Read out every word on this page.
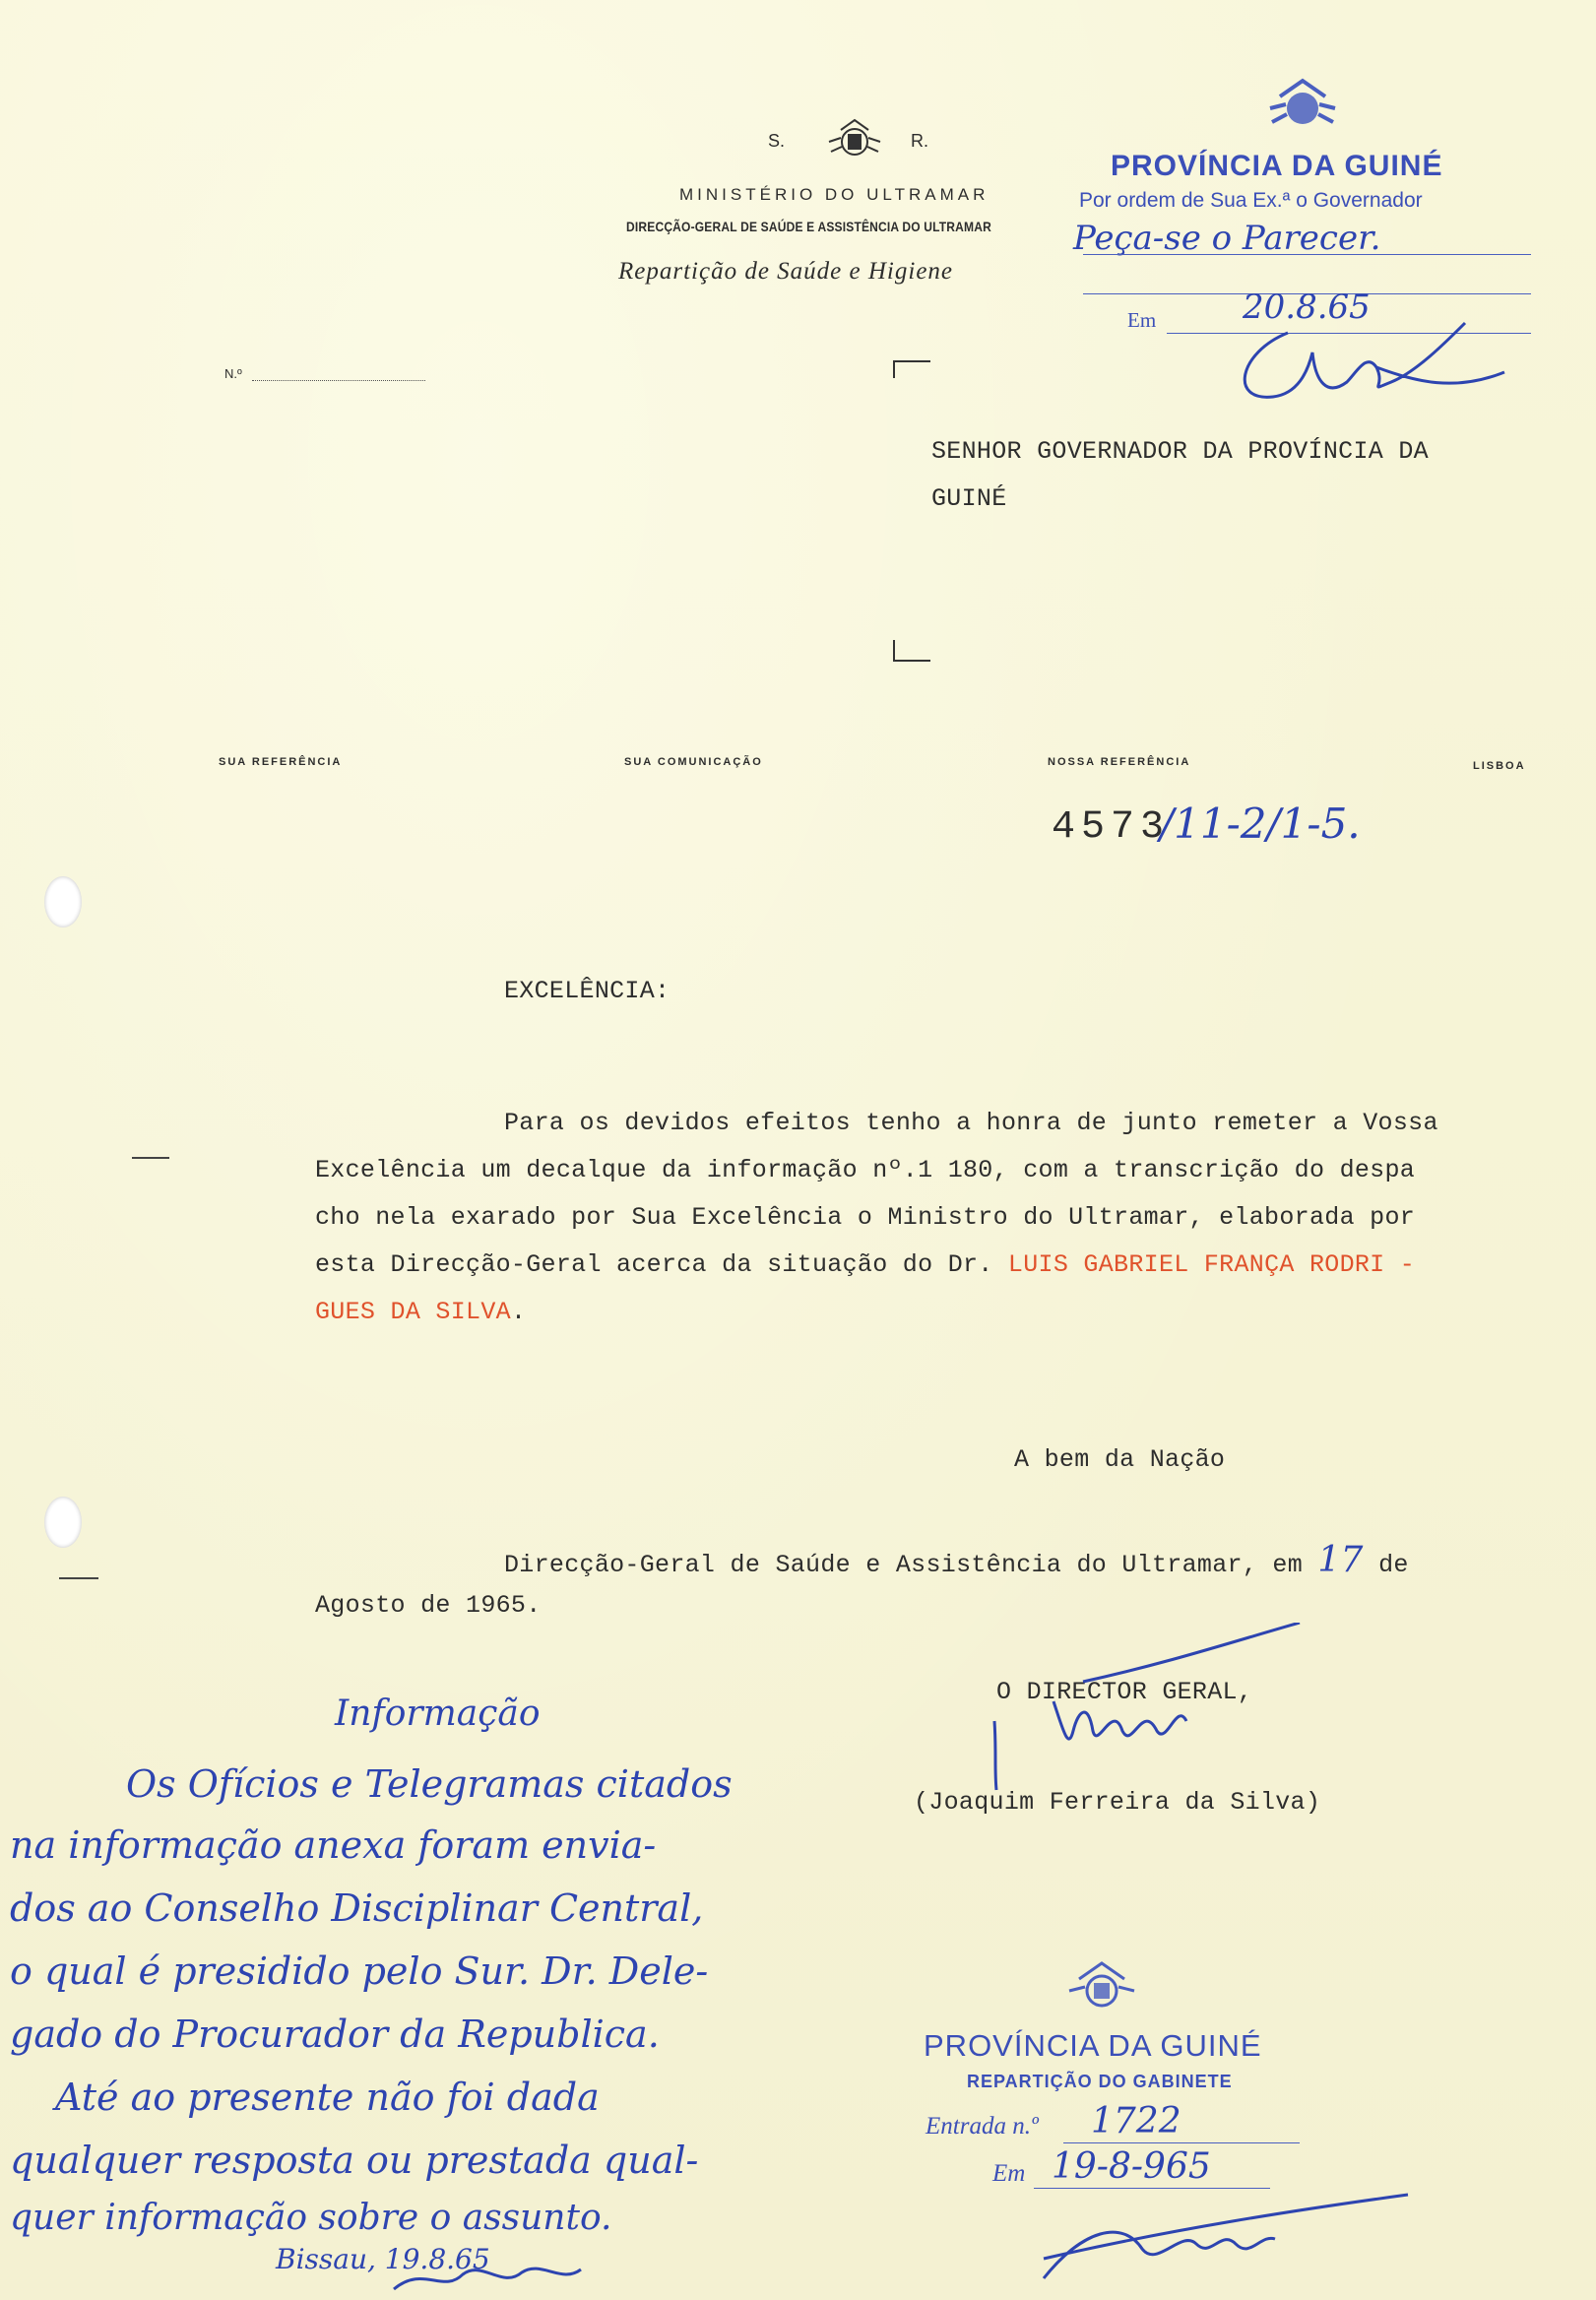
S.	R.
MINISTÉRIO DO ULTRAMAR
DIRECÇÃO-GERAL DE SAÚDE E ASSISTÊNCIA DO ULTRAMAR
Repartição de Saúde e Higiene
N.º
PROVÍNCIA DA GUINÉ
Por ordem de Sua Ex.ª o Governador
Peça-se o Parecer.
Em	20.8.65
SENHOR GOVERNADOR DA PROVÍNCIA DA
GUINÉ
SUA REFERÊNCIA	SUA COMUNICAÇÃO	NOSSA REFERÊNCIA	LISBOA
4573
/11-2/1-5.
EXCELÊNCIA:
Para os devidos efeitos tenho a honra de junto remeter a Vossa
Excelência um decalque da informação nº.1 180, com a transcrição do despa
cho nela exarado por Sua Excelência o Ministro do Ultramar, elaborada por
esta Direcção-Geral acerca da situação do Dr. LUIS GABRIEL FRANÇA RODRI -
GUES DA SILVA.
A bem da Nação
Direcção-Geral de Saúde e Assistência do Ultramar, em 17 de
Agosto de 1965.
O DIRECTOR GERAL,
(Joaquim Ferreira da Silva)
Informação
Os Ofícios e Telegramas citados
na informação anexa foram envia-
dos ao Conselho Disciplinar Central,
o qual é presidido pelo Sur. Dr. Dele-
gado do Procurador da Republica.
Até ao presente não foi dada
qualquer resposta ou prestada qual-
quer informação sobre o assunto.
Bissau, 19.8.65
PROVÍNCIA DA GUINÉ
REPARTIÇÃO DO GABINETE
Entrada n.º 1722
Em 19-8-965
